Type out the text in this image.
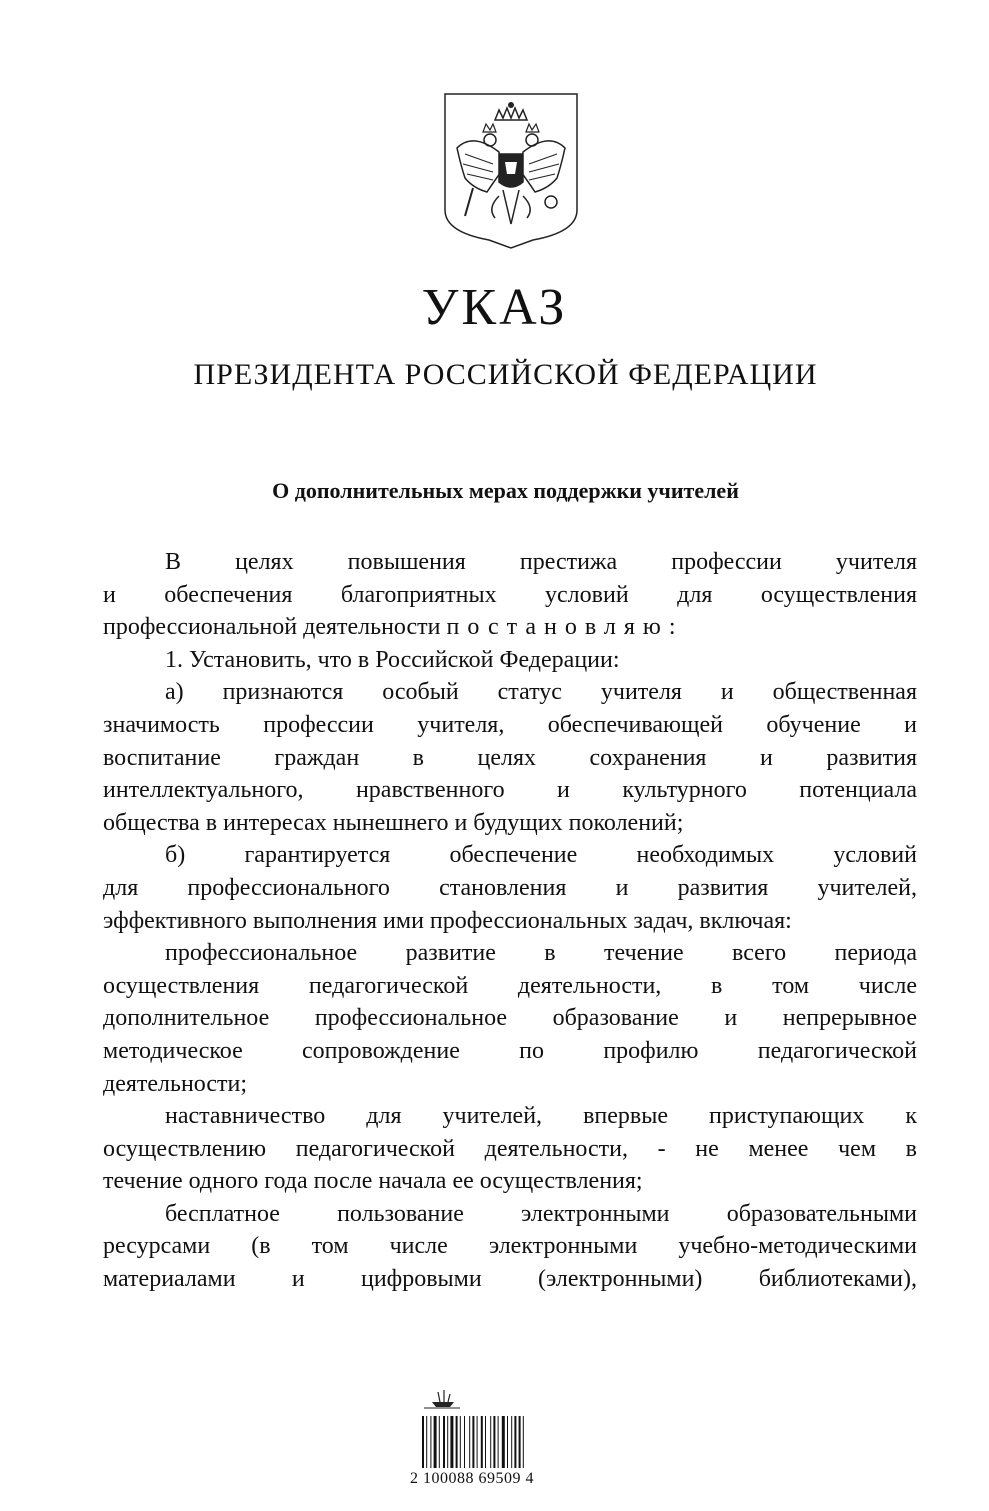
УКАЗ
ПРЕЗИДЕНТА РОССИЙСКОЙ ФЕДЕРАЦИИ
О дополнительных мерах поддержки учителей
В целях повышения престижа профессии учителя
и обеспечения благоприятных условий для осуществления
профессиональной деятельности постановляю:
1. Установить, что в Российской Федерации:
а) признаются особый статус учителя и общественная
значимость профессии учителя, обеспечивающей обучение и
воспитание граждан в целях сохранения и развития
интеллектуального, нравственного и культурного потенциала
общества в интересах нынешнего и будущих поколений;
б) гарантируется обеспечение необходимых условий
для профессионального становления и развития учителей,
эффективного выполнения ими профессиональных задач, включая:
профессиональное развитие в течение всего периода
осуществления педагогической деятельности, в том числе
дополнительное профессиональное образование и непрерывное
методическое сопровождение по профилю педагогической
деятельности;
наставничество для учителей, впервые приступающих к
осуществлению педагогической деятельности, - не менее чем в
течение одного года после начала ее осуществления;
бесплатное пользование электронными образовательными
ресурсами (в том числе электронными учебно-методическими
материалами и цифровыми (электронными) библиотеками),
2 100088 69509 4
